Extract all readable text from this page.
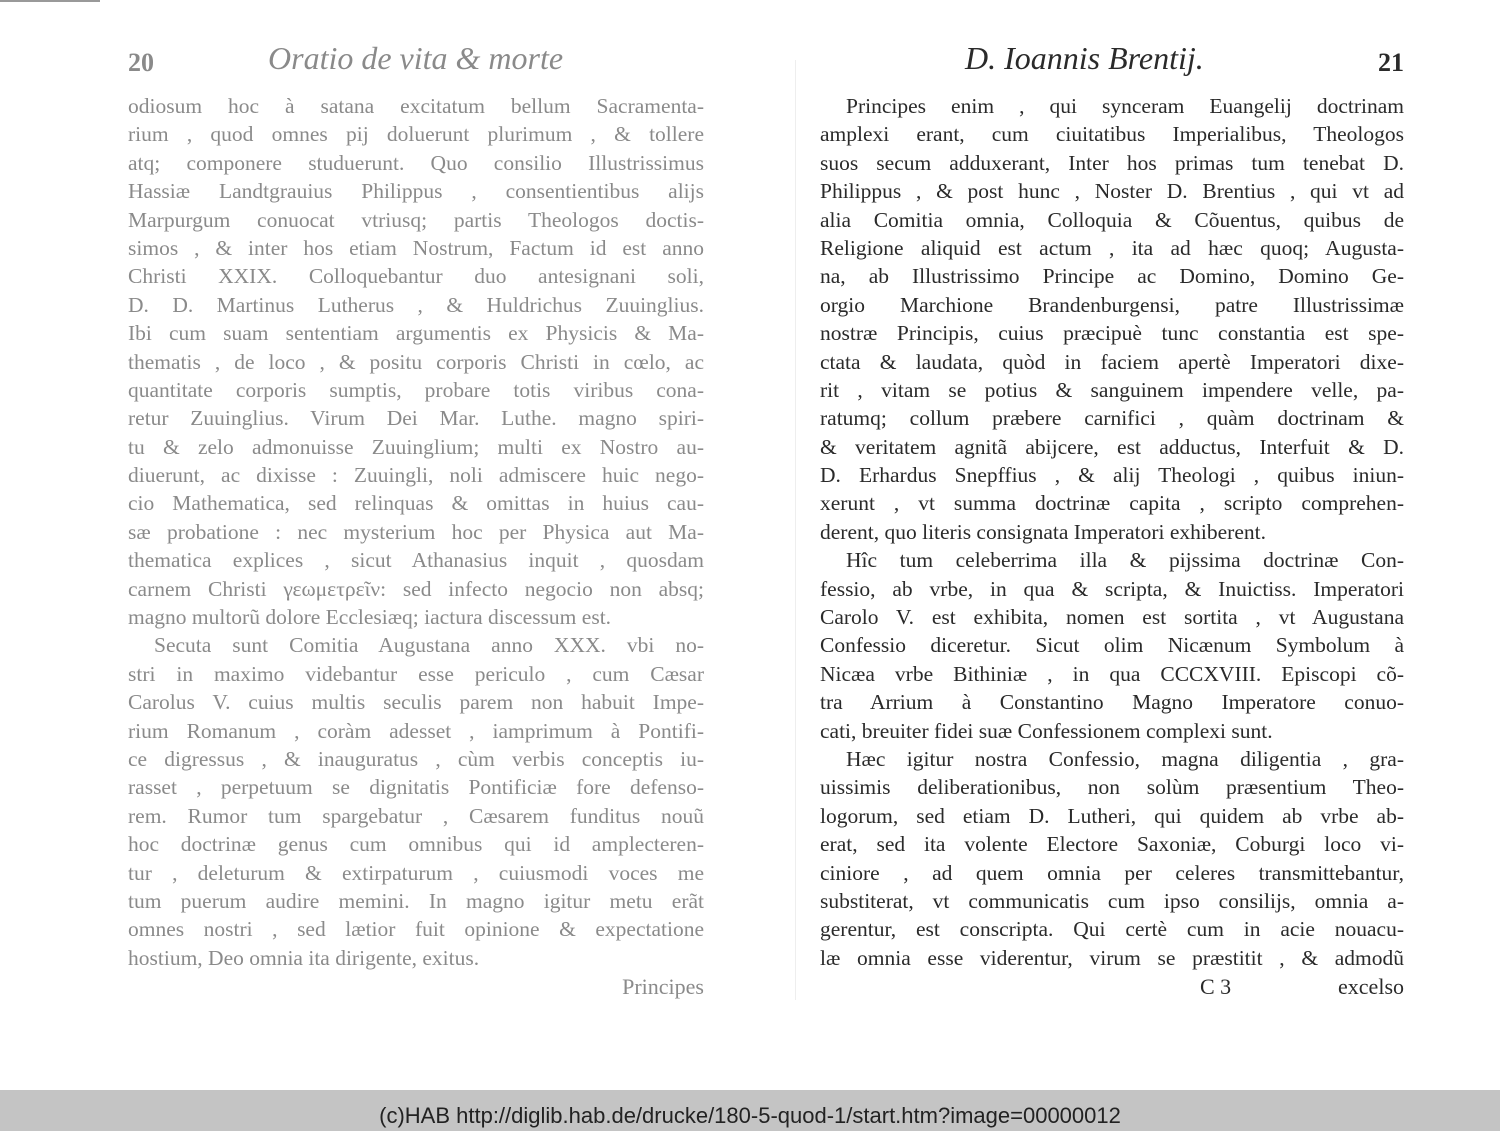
20	Oratio de vita & morte
odiosum hoc à satana excitatum bellum Sacramenta-
rium , quod omnes pij doluerunt plurimum , & tollere
atq; componere studuerunt. Quo consilio Illustrissimus
Hassiæ Landtgrauius Philippus , consentientibus alijs
Marpurgum conuocat vtriusq; partis Theologos doctis-
simos , & inter hos etiam Nostrum, Factum id est anno
Christi XXIX. Colloquebantur duo antesignani soli,
D. D. Martinus Lutherus , & Huldrichus Zuuinglius.
Ibi cum suam sententiam argumentis ex Physicis & Ma-
thematis , de loco , & positu corporis Christi in cœlo, ac
quantitate corporis sumptis, probare totis viribus cona-
retur Zuuinglius. Virum Dei Mar. Luthe. magno spiri-
tu & zelo admonuisse Zuuinglium; multi ex Nostro au-
diuerunt, ac dixisse : Zuuingli, noli admiscere huic nego-
cio Mathematica, sed relinquas & omittas in huius cau-
sæ probatione : nec mysterium hoc per Physica aut Ma-
thematica explices , sicut Athanasius inquit , quosdam
carnem Christi γεωμετρεῖν: sed infecto negocio non absq;
magno multorũ dolore Ecclesiæq; iactura discessum est.
Secuta sunt Comitia Augustana anno XXX. vbi no-
stri in maximo videbantur esse periculo , cum Cæsar
Carolus V. cuius multis seculis parem non habuit Impe-
rium Romanum , coràm adesset , iamprimum à Pontifi-
ce digressus , & inauguratus , cùm verbis conceptis iu-
rasset , perpetuum se dignitatis Pontificiæ fore defenso-
rem. Rumor tum spargebatur , Cæsarem funditus nouũ
hoc doctrinæ genus cum omnibus qui id amplecteren-
tur , deleturum & extirpaturum , cuiusmodi voces me
tum puerum audire memini. In magno igitur metu erãt
omnes nostri , sed lætior fuit opinione & expectatione
hostium, Deo omnia ita dirigente, exitus.
Principes
D. Ioannis Brentij.	21
Principes enim , qui synceram Euangelij doctrinam
amplexi erant, cum ciuitatibus Imperialibus, Theologos
suos secum adduxerant, Inter hos primas tum tenebat D.
Philippus , & post hunc , Noster D. Brentius , qui vt ad
alia Comitia omnia, Colloquia & Cõuentus, quibus de
Religione aliquid est actum , ita ad hæc quoq; Augusta-
na, ab Illustrissimo Principe ac Domino, Domino Ge-
orgio Marchione Brandenburgensi, patre Illustrissimæ
nostræ Principis, cuius præcipuè tunc constantia est spe-
ctata & laudata, quòd in faciem apertè Imperatori dixe-
rit , vitam se potius & sanguinem impendere velle, pa-
ratumq; collum præbere carnifici , quàm doctrinam &
& veritatem agnitã abijcere, est adductus, Interfuit & D.
D. Erhardus Snepffius , & alij Theologi , quibus iniun-
xerunt , vt summa doctrinæ capita , scripto comprehen-
derent, quo literis consignata Imperatori exhiberent.
Hîc tum celeberrima illa & pijssima doctrinæ Con-
fessio, ab vrbe, in qua & scripta, & Inuictiss. Imperatori
Carolo V. est exhibita, nomen est sortita , vt Augustana
Confessio diceretur. Sicut olim Nicænum Symbolum à
Nicæa vrbe Bithiniæ , in qua CCCXVIII. Episcopi cõ-
tra Arrium à Constantino Magno Imperatore conuo-
cati, breuiter fidei suæ Confessionem complexi sunt.
Hæc igitur nostra Confessio, magna diligentia , gra-
uissimis deliberationibus, non solùm præsentium Theo-
logorum, sed etiam D. Lutheri, qui quidem ab vrbe ab-
erat, sed ita volente Electore Saxoniæ, Coburgi loco vi-
ciniore , ad quem omnia per celeres transmittebantur,
substiterat, vt communicatis cum ipso consilijs, omnia a-
gerentur, est conscripta. Qui certè cum in acie nouacu-
læ omnia esse viderentur, virum se præstitit , & admodũ
C 3	excelso
(c)HAB http://diglib.hab.de/drucke/180-5-quod-1/start.htm?image=00000012
